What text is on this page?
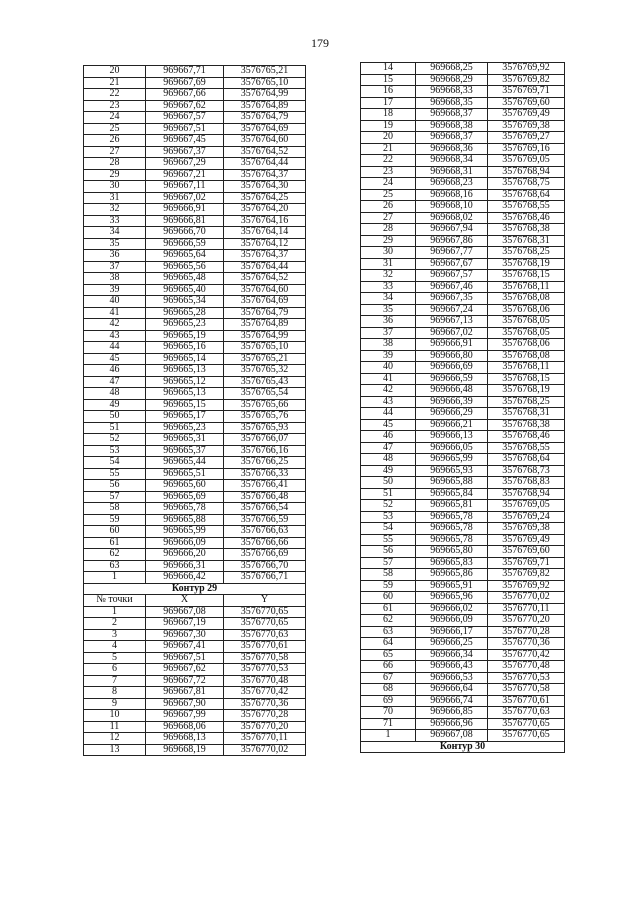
179
20	969667,71	3576765,21
21	969667,69	3576765,10
22	969667,66	3576764,99
23	969667,62	3576764,89
24	969667,57	3576764,79
25	969667,51	3576764,69
26	969667,45	3576764,60
27	969667,37	3576764,52
28	969667,29	3576764,44
29	969667,21	3576764,37
30	969667,11	3576764,30
31	969667,02	3576764,25
32	969666,91	3576764,20
33	969666,81	3576764,16
34	969666,70	3576764,14
35	969666,59	3576764,12
36	969665,64	3576764,37
37	969665,56	3576764,44
38	969665,48	3576764,52
39	969665,40	3576764,60
40	969665,34	3576764,69
41	969665,28	3576764,79
42	969665,23	3576764,89
43	969665,19	3576764,99
44	969665,16	3576765,10
45	969665,14	3576765,21
46	969665,13	3576765,32
47	969665,12	3576765,43
48	969665,13	3576765,54
49	969665,15	3576765,66
50	969665,17	3576765,76
51	969665,23	3576765,93
52	969665,31	3576766,07
53	969665,37	3576766,16
54	969665,44	3576766,25
55	969665,51	3576766,33
56	969665,60	3576766,41
57	969665,69	3576766,48
58	969665,78	3576766,54
59	969665,88	3576766,59
60	969665,99	3576766,63
61	969666,09	3576766,66
62	969666,20	3576766,69
63	969666,31	3576766,70
1	969666,42	3576766,71
Контур 29		
№ точки	X	Y
1	969667,08	3576770,65
2	969667,19	3576770,65
3	969667,30	3576770,63
4	969667,41	3576770,61
5	969667,51	3576770,58
6	969667,62	3576770,53
7	969667,72	3576770,48
8	969667,81	3576770,42
9	969667,90	3576770,36
10	969667,99	3576770,28
11	969668,06	3576770,20
12	969668,13	3576770,11
13	969668,19	3576770,02
14	969668,25	3576769,92
15	969668,29	3576769,82
16	969668,33	3576769,71
17	969668,35	3576769,60
18	969668,37	3576769,49
19	969668,38	3576769,38
20	969668,37	3576769,27
21	969668,36	3576769,16
22	969668,34	3576769,05
23	969668,31	3576768,94
24	969668,23	3576768,75
25	969668,16	3576768,64
26	969668,10	3576768,55
27	969668,02	3576768,46
28	969667,94	3576768,38
29	969667,86	3576768,31
30	969667,77	3576768,25
31	969667,67	3576768,19
32	969667,57	3576768,15
33	969667,46	3576768,11
34	969667,35	3576768,08
35	969667,24	3576768,06
36	969667,13	3576768,05
37	969667,02	3576768,05
38	969666,91	3576768,06
39	969666,80	3576768,08
40	969666,69	3576768,11
41	969666,59	3576768,15
42	969666,48	3576768,19
43	969666,39	3576768,25
44	969666,29	3576768,31
45	969666,21	3576768,38
46	969666,13	3576768,46
47	969666,05	3576768,55
48	969665,99	3576768,64
49	969665,93	3576768,73
50	969665,88	3576768,83
51	969665,84	3576768,94
52	969665,81	3576769,05
53	969665,78	3576769,24
54	969665,78	3576769,38
55	969665,78	3576769,49
56	969665,80	3576769,60
57	969665,83	3576769,71
58	969665,86	3576769,82
59	969665,91	3576769,92
60	969665,96	3576770,02
61	969666,02	3576770,11
62	969666,09	3576770,20
63	969666,17	3576770,28
64	969666,25	3576770,36
65	969666,34	3576770,42
66	969666,43	3576770,48
67	969666,53	3576770,53
68	969666,64	3576770,58
69	969666,74	3576770,61
70	969666,85	3576770,63
71	969666,96	3576770,65
1	969667,08	3576770,65
Контур 30		
